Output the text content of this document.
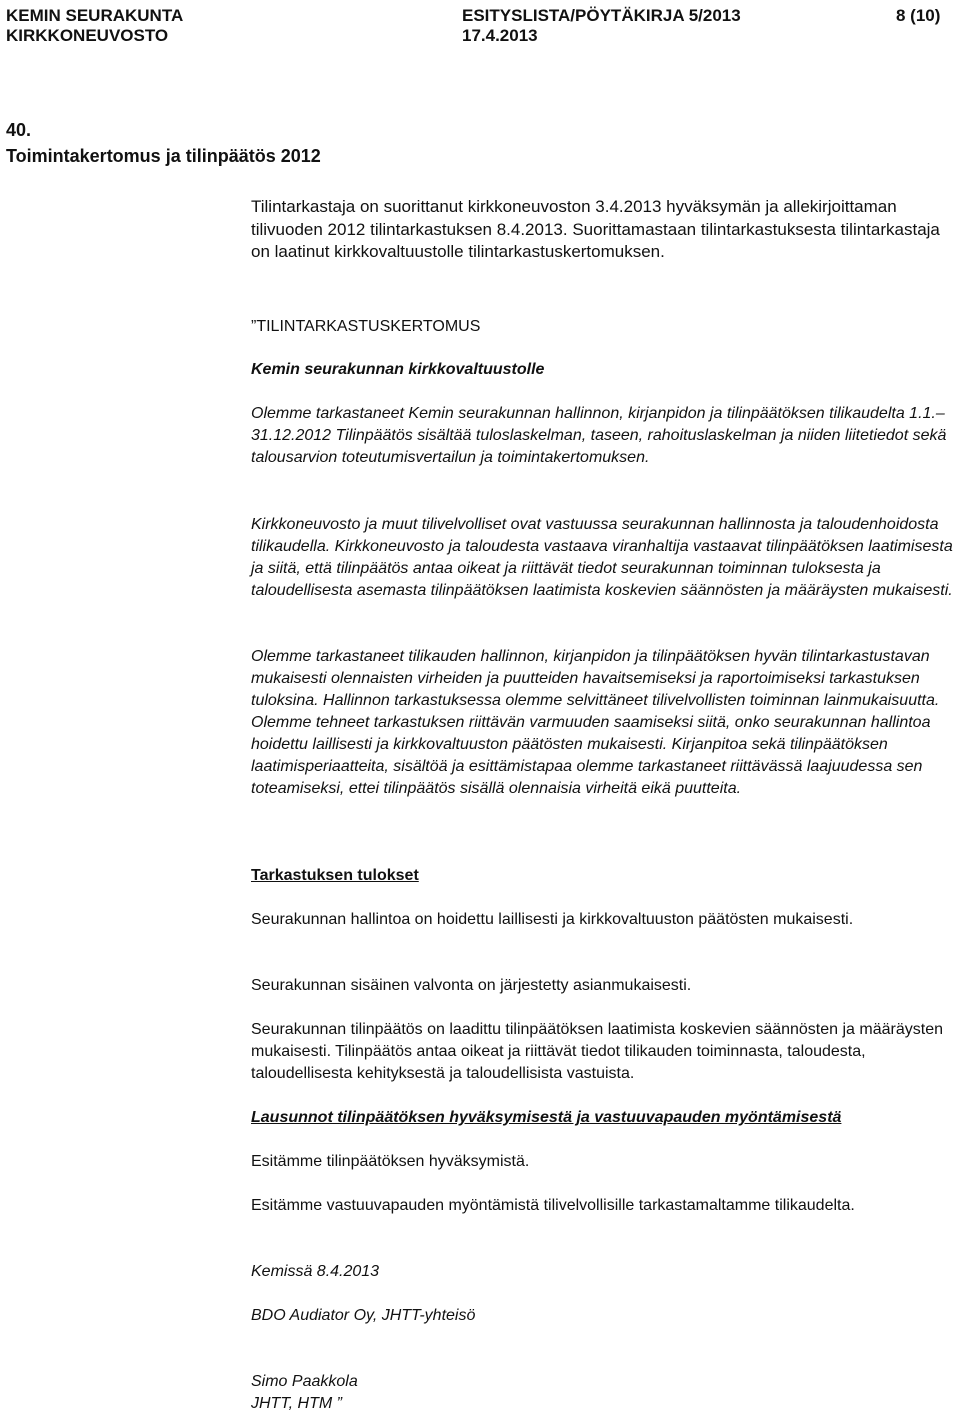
KEMIN SEURAKUNTA
KIRKKONEUVOSTO
ESITYSLISTA/PÖYTÄKIRJA 5/2013
17.4.2013
8 (10)
40.
Toimintakertomus ja tilinpäätös 2012

Tilintarkastaja on suorittanut kirkkoneuvoston 3.4.2013 hyväksymän ja allekirjoittaman tilivuoden 2012 tilintarkastuksen 8.4.2013. Suorittamastaan tilintarkastuksesta tilintarkastaja on laatinut kirkkovaltuustolle tilintarkastuskertomuksen.

”TILINTARKASTUSKERTOMUS

Kemin seurakunnan kirkkovaltuustolle

Olemme tarkastaneet Kemin seurakunnan hallinnon, kirjanpidon ja tilinpäätöksen tilikaudelta 1.1.–31.12.2012 Tilinpäätös sisältää tuloslaskelman, taseen, rahoituslaskelman ja niiden liitetiedot sekä talousarvion toteutumisvertailun ja toimintakertomuksen.

Kirkkoneuvosto ja muut tilivelvolliset ovat vastuussa seurakunnan hallinnosta ja taloudenhoidosta tilikaudella. Kirkkoneuvosto ja taloudesta vastaava viranhaltija vastaavat tilinpäätöksen laatimisesta ja siitä, että tilinpäätös antaa oikeat ja riittävät tiedot seurakunnan toiminnan tuloksesta ja taloudellisesta asemasta tilinpäätöksen laatimista koskevien säännösten ja määräysten mukaisesti.

Olemme tarkastaneet tilikauden hallinnon, kirjanpidon ja tilinpäätöksen hyvän tilintarkastustavan mukaisesti olennaisten virheiden ja puutteiden havaitsemiseksi ja raportoimiseksi tarkastuksen tuloksina. Hallinnon tarkastuksessa olemme selvittäneet tilivelvollisten toiminnan lainmukaisuutta. Olemme tehneet tarkastuksen riittävän varmuuden saamiseksi siitä, onko seurakunnan hallintoa hoidettu laillisesti ja kirkkovaltuuston päätösten mukaisesti. Kirjanpitoa sekä tilinpäätöksen laatimisperiaatteita, sisältöä ja esittämistapaa olemme tarkastaneet riittävässä laajuudessa sen toteamiseksi, ettei tilinpäätös sisällä olennaisia virheitä eikä puutteita.

Tarkastuksen tulokset

Seurakunnan hallintoa on hoidettu laillisesti ja kirkkovaltuuston päätösten mukaisesti.

Seurakunnan sisäinen valvonta on järjestetty asianmukaisesti.

Seurakunnan tilinpäätös on laadittu tilinpäätöksen laatimista koskevien säännösten ja määräysten mukaisesti. Tilinpäätös antaa oikeat ja riittävät tiedot tilikauden toiminnasta, taloudesta, taloudellisesta kehityksestä ja taloudellisista vastuista.

Lausunnot tilinpäätöksen hyväksymisestä ja vastuuvapauden myöntämisestä

Esitämme tilinpäätöksen hyväksymistä.

Esitämme vastuuvapauden myöntämistä tilivelvollisille tarkastamaltamme tilikaudelta.

Kemissä 8.4.2013

BDO Audiator Oy, JHTT-yhteisö

Simo Paakkola

JHTT, HTM ”
